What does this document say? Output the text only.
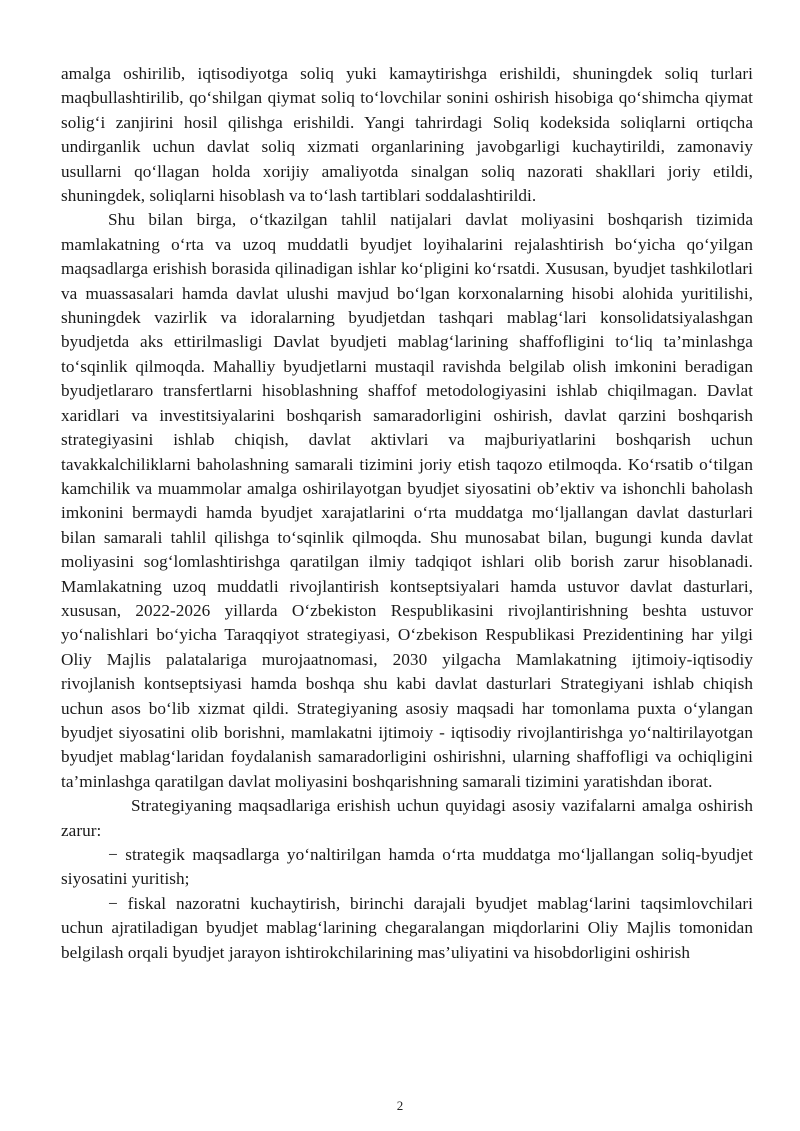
amalga oshirilib, iqtisodiyotga soliq yuki kamaytirishga erishildi, shuningdek soliq turlari maqbullashtirilib, qo‘shilgan qiymat soliq to‘lovchilar sonini oshirish hisobiga qo‘shimcha qiymat solig‘i zanjirini hosil qilishga erishildi. Yangi tahrirdagi Soliq kodeksida soliqlarni ortiqcha undirganlik uchun davlat soliq xizmati organlarining javobgarligi kuchaytirildi, zamonaviy usullarni qo‘llagan holda xorijiy amaliyotda sinalgan soliq nazorati shakllari joriy etildi, shuningdek, soliqlarni hisoblash va to‘lash tartiblari soddalashtirildi.

Shu bilan birga, o‘tkazilgan tahlil natijalari davlat moliyasini boshqarish tizimida mamlakatning o‘rta va uzoq muddatli byudjet loyihalarini rejalashtirish bo‘yicha qo‘yilgan maqsadlarga erishish borasida qilinadigan ishlar ko‘pligini ko‘rsatdi. Xususan, byudjet tashkilotlari va muassasalari hamda davlat ulushi mavjud bo‘lgan korxonalarning hisobi alohida yuritilishi, shuningdek vazirlik va idoralarning byudjetdan tashqari mablag‘lari konsolidatsiyalashgan byudjetda aks ettirilmasligi Davlat byudjeti mablag‘larining shaffofligini to‘liq ta’minlashga to‘sqinlik qilmoqda. Mahalliy byudjetlarni mustaqil ravishda belgilab olish imkonini beradigan byudjetlararo transfertlarni hisoblashning shaffof metodologiyasini ishlab chiqilmagan. Davlat xaridlari va investitsiyalarini boshqarish samaradorligini oshirish, davlat qarzini boshqarish strategiyasini ishlab chiqish, davlat aktivlari va majburiyatlarini boshqarish uchun tavakkalchiliklarni baholashning samarali tizimini joriy etish taqozo etilmoqda. Ko‘rsatib o‘tilgan kamchilik va muammolar amalga oshirilayotgan byudjet siyosatini ob’ektiv va ishonchli baholash imkonini bermaydi hamda byudjet xarajatlarini o‘rta muddatga mo‘ljallangan davlat dasturlari bilan samarali tahlil qilishga to‘sqinlik qilmoqda. Shu munosabat bilan, bugungi kunda davlat moliyasini sog‘lomlashtirishga qaratilgan ilmiy tadqiqot ishlari olib borish zarur hisoblanadi. Mamlakatning uzoq muddatli rivojlantirish kontseptsiyalari hamda ustuvor davlat dasturlari, xususan, 2022-2026 yillarda O‘zbekiston Respublikasini rivojlantirishning beshta ustuvor yo‘nalishlari bo‘yicha Taraqqiyot strategiyasi, O‘zbekison Respublikasi Prezidentining har yilgi Oliy Majlis palatalariga murojaatnomasi, 2030 yilgacha Mamlakatning ijtimoiy-iqtisodiy rivojlanish kontseptsiyasi hamda boshqa shu kabi davlat dasturlari Strategiyani ishlab chiqish uchun asos bo‘lib xizmat qildi. Strategiyaning asosiy maqsadi har tomonlama puxta o‘ylangan byudjet siyosatini olib borishni, mamlakatni ijtimoiy - iqtisodiy rivojlantirishga yo‘naltirilayotgan byudjet mablag‘laridan foydalanish samaradorligini oshirishni, ularning shaffofligi va ochiqligini ta’minlashga qaratilgan davlat moliyasini boshqarishning samarali tizimini yaratishdan iborat.

Strategiyaning maqsadlariga erishish uchun quyidagi asosiy vazifalarni amalga oshirish zarur:

− strategik maqsadlarga yo‘naltirilgan hamda o‘rta muddatga mo‘ljallangan soliq-byudjet siyosatini yuritish;

− fiskal nazoratni kuchaytirish, birinchi darajali byudjet mablag‘larini taqsimlovchilari uchun ajratiladigan byudjet mablag‘larining chegaralangan miqdorlarini Oliy Majlis tomonidan belgilash orqali byudjet jarayon ishtirokchilarining mas’uliyatini va hisobdorligini oshirish

2
